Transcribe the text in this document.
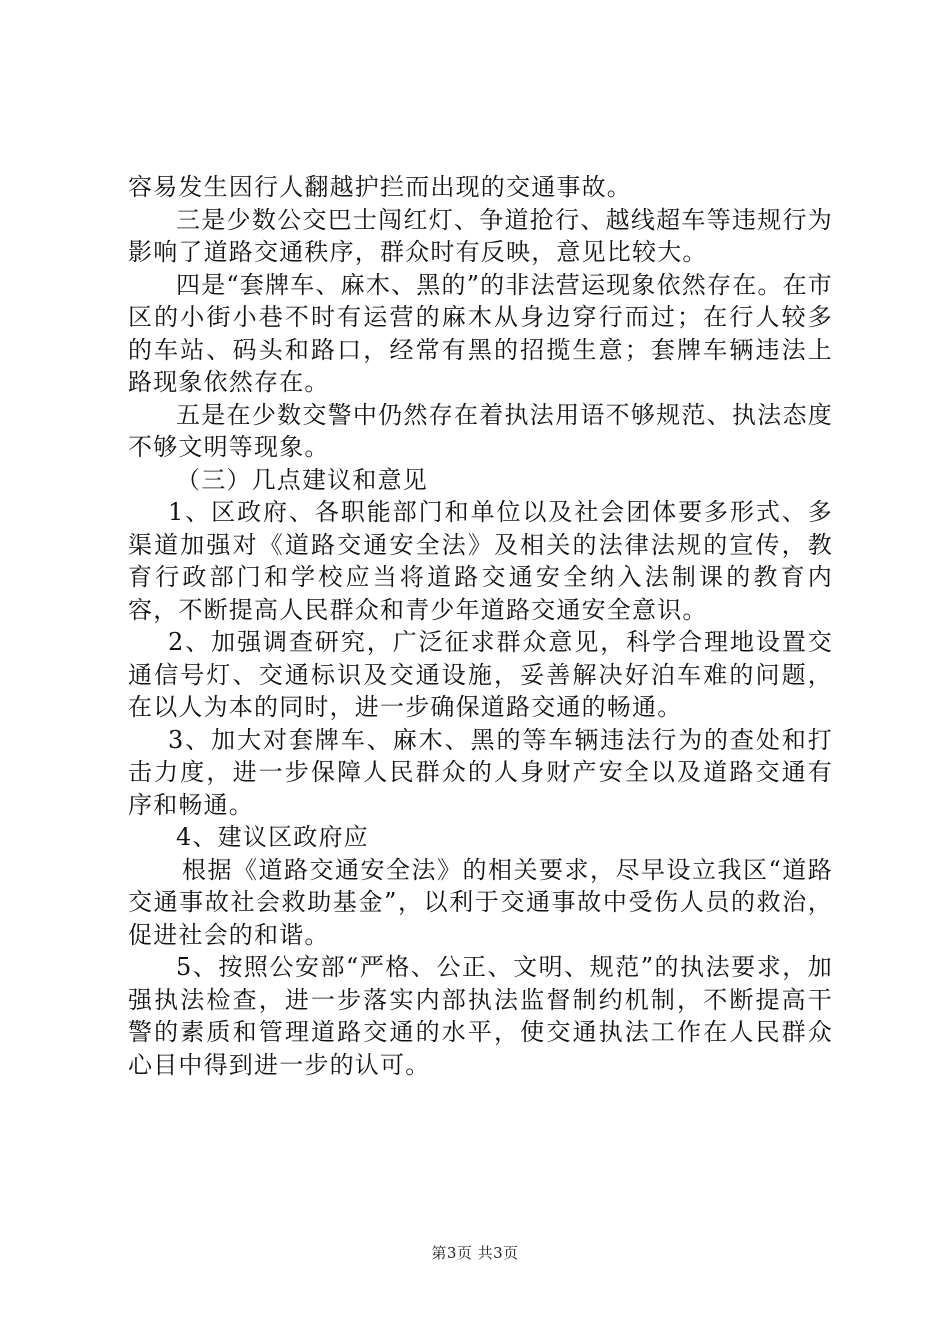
容易发生因行人翻越护拦而出现的交通事故。

三是少数公交巴士闯红灯、争道抢行、越线超车等违规行为影响了道路交通秩序，群众时有反映，意见比较大。

四是“套牌车、麻木、黑的”的非法营运现象依然存在。在市区的小街小巷不时有运营的麻木从身边穿行而过；在行人较多的车站、码头和路口，经常有黑的招揽生意；套牌车辆违法上路现象依然存在。

五是在少数交警中仍然存在着执法用语不够规范、执法态度不够文明等现象。

（三）几点建议和意见

1、区政府、各职能部门和单位以及社会团体要多形式、多渠道加强对《道路交通安全法》及相关的法律法规的宣传，教育行政部门和学校应当将道路交通安全纳入法制课的教育内容，不断提高人民群众和青少年道路交通安全意识。

2、加强调查研究，广泛征求群众意见，科学合理地设置交通信号灯、交通标识及交通设施，妥善解决好泊车难的问题，在以人为本的同时，进一步确保道路交通的畅通。

3、加大对套牌车、麻木、黑的等车辆违法行为的查处和打击力度，进一步保障人民群众的人身财产安全以及道路交通有序和畅通。

4、建议区政府应

根据《道路交通安全法》的相关要求，尽早设立我区“道路交通事故社会救助基金”，以利于交通事故中受伤人员的救治，促进社会的和谐。

5、按照公安部“严格、公正、文明、规范”的执法要求，加强执法检查，进一步落实内部执法监督制约机制，不断提高干警的素质和管理道路交通的水平，使交通执法工作在人民群众心目中得到进一步的认可。

第3页 共3页
